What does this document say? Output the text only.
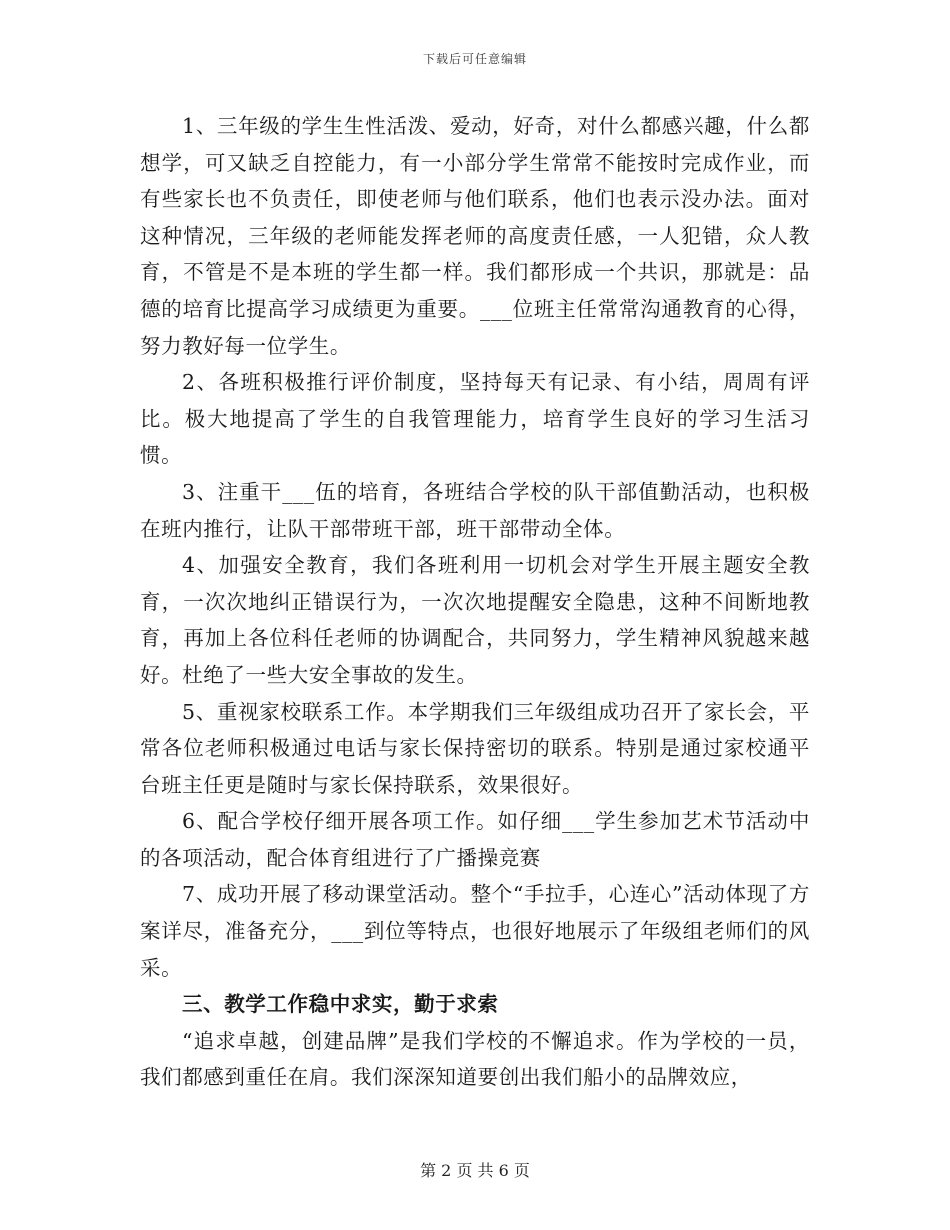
下载后可任意编辑

1、三年级的学生生性活泼、爱动，好奇，对什么都感兴趣，什么都想学，可又缺乏自控能力，有一小部分学生常常不能按时完成作业，而有些家长也不负责任，即使老师与他们联系，他们也表示没办法。面对这种情况，三年级的老师能发挥老师的高度责任感，一人犯错，众人教育，不管是不是本班的学生都一样。我们都形成一个共识，那就是：品德的培育比提高学习成绩更为重要。___位班主任常常沟通教育的心得，努力教好每一位学生。

2、各班积极推行评价制度，坚持每天有记录、有小结，周周有评比。极大地提高了学生的自我管理能力，培育学生良好的学习生活习惯。

3、注重干___伍的培育，各班结合学校的队干部值勤活动，也积极在班内推行，让队干部带班干部，班干部带动全体。

4、加强安全教育，我们各班利用一切机会对学生开展主题安全教育，一次次地纠正错误行为，一次次地提醒安全隐患，这种不间断地教育，再加上各位科任老师的协调配合，共同努力，学生精神风貌越来越好。杜绝了一些大安全事故的发生。

5、重视家校联系工作。本学期我们三年级组成功召开了家长会，平常各位老师积极通过电话与家长保持密切的联系。特别是通过家校通平台班主任更是随时与家长保持联系，效果很好。

6、配合学校仔细开展各项工作。如仔细___学生参加艺术节活动中的各项活动，配合体育组进行了广播操竞赛

7、成功开展了移动课堂活动。整个“手拉手，心连心”活动体现了方案详尽，准备充分，___到位等特点，也很好地展示了年级组老师们的风采。

三、教学工作稳中求实，勤于求索

“追求卓越，创建品牌”是我们学校的不懈追求。作为学校的一员，我们都感到重任在肩。我们深深知道要创出我们船小的品牌效应，

第 2 页 共 6 页
